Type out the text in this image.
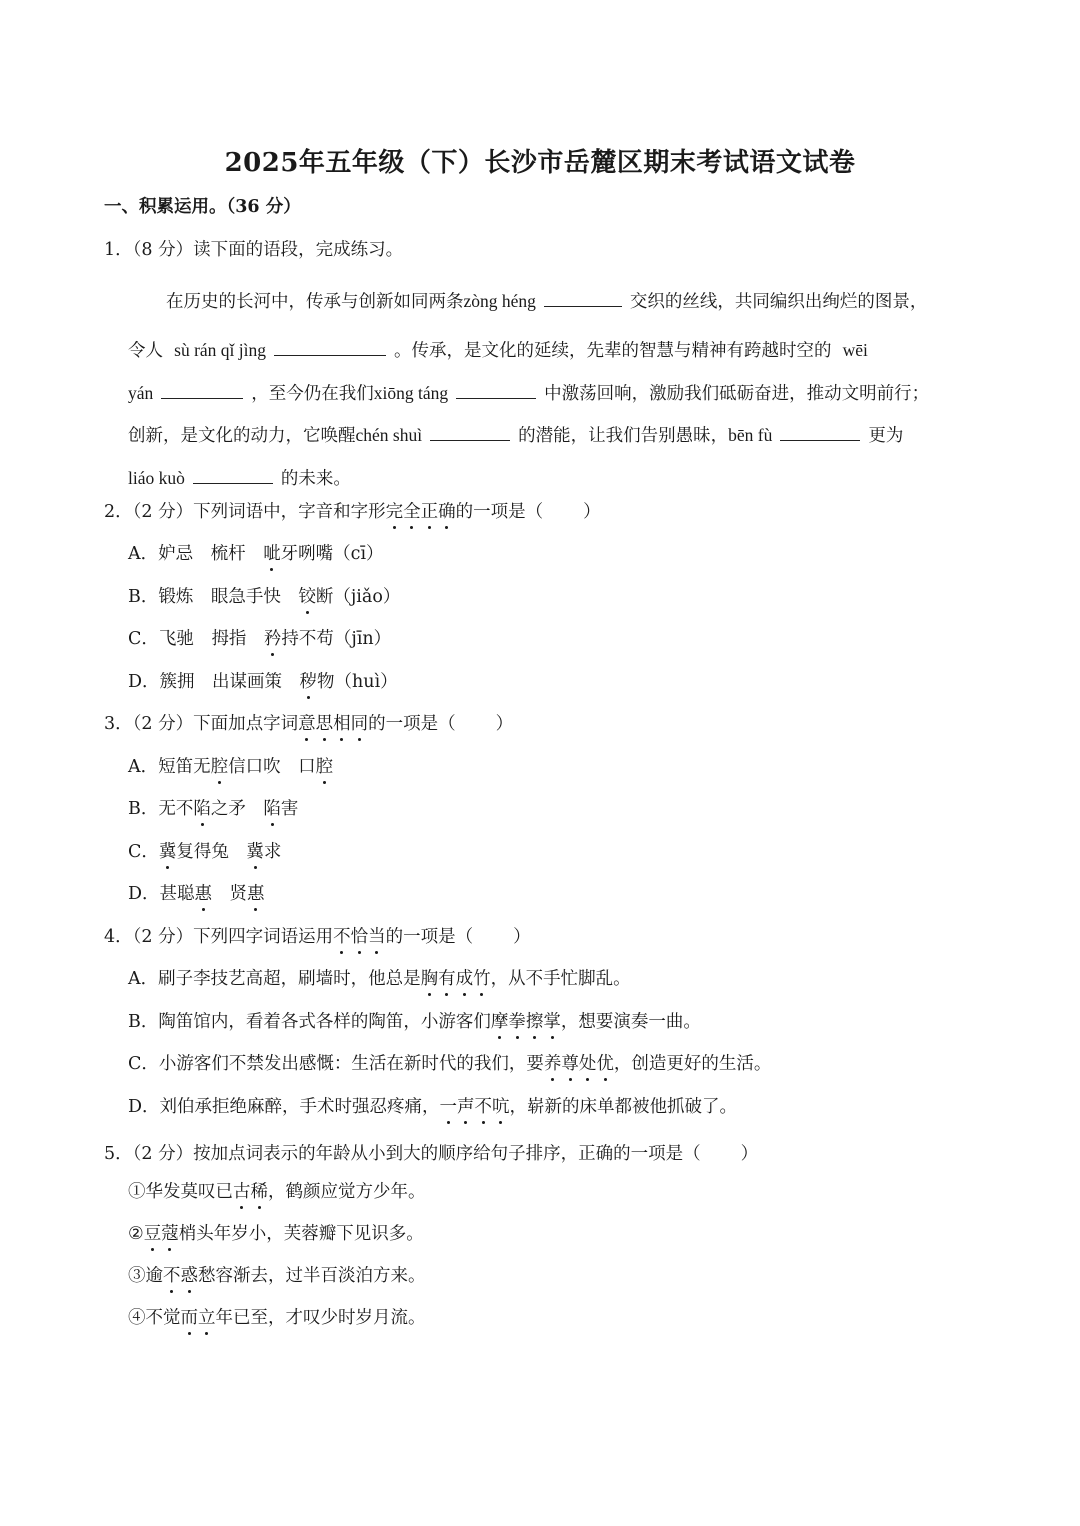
2025年五年级（下）长沙市岳麓区期末考试语文试卷
一、积累运用。（36 分）
1．（8 分）读下面的语段，完成练习。
在历史的长河中，传承与创新如同两条zòng héng	交织的丝线，共同编织出绚烂的图景，
令人 sù rán qǐ jìng	。传承，是文化的延续，先辈的智慧与精神有跨越时空的 wēi
yán	，至今仍在我们xiōng táng	中激荡回响，激励我们砥砺奋进，推动文明前行；
创新，是文化的动力，它唤醒chén shuì	的潜能，让我们告别愚昧，bēn fù	更为
liáo kuò	的未来。
2．（2 分）下列词语中，字音和字形完全正确的一项是（ ）
A．妒忌　梳杆　呲牙咧嘴（cī）
B．锻炼　眼急手快　铰断（jiǎo）
C．飞驰　拇指　矜持不苟（jīn）
D．簇拥　出谋画策　秽物（huì）
3．（2 分）下面加点字词意思相同的一项是（ ）
A．短笛无腔信口吹　口腔
B．无不陷之矛　陷害
C．冀复得兔　冀求
D．甚聪惠　贤惠
4．（2 分）下列四字词语运用不恰当的一项是（ ）
A．刷子李技艺高超，刷墙时，他总是胸有成竹，从不手忙脚乱。
B．陶笛馆内，看着各式各样的陶笛，小游客们摩拳擦掌，想要演奏一曲。
C．小游客们不禁发出感慨：生活在新时代的我们，要养尊处优，创造更好的生活。
D．刘伯承拒绝麻醉，手术时强忍疼痛，一声不吭，崭新的床单都被他抓破了。
5．（2 分）按加点词表示的年龄从小到大的顺序给句子排序，正确的一项是（ ）
①华发莫叹已古稀，鹤颜应觉方少年。
②豆蔻梢头年岁小，芙蓉瓣下见识多。
③逾不惑愁容渐去，过半百淡泊方来。
④不觉而立年已至，才叹少时岁月流。
